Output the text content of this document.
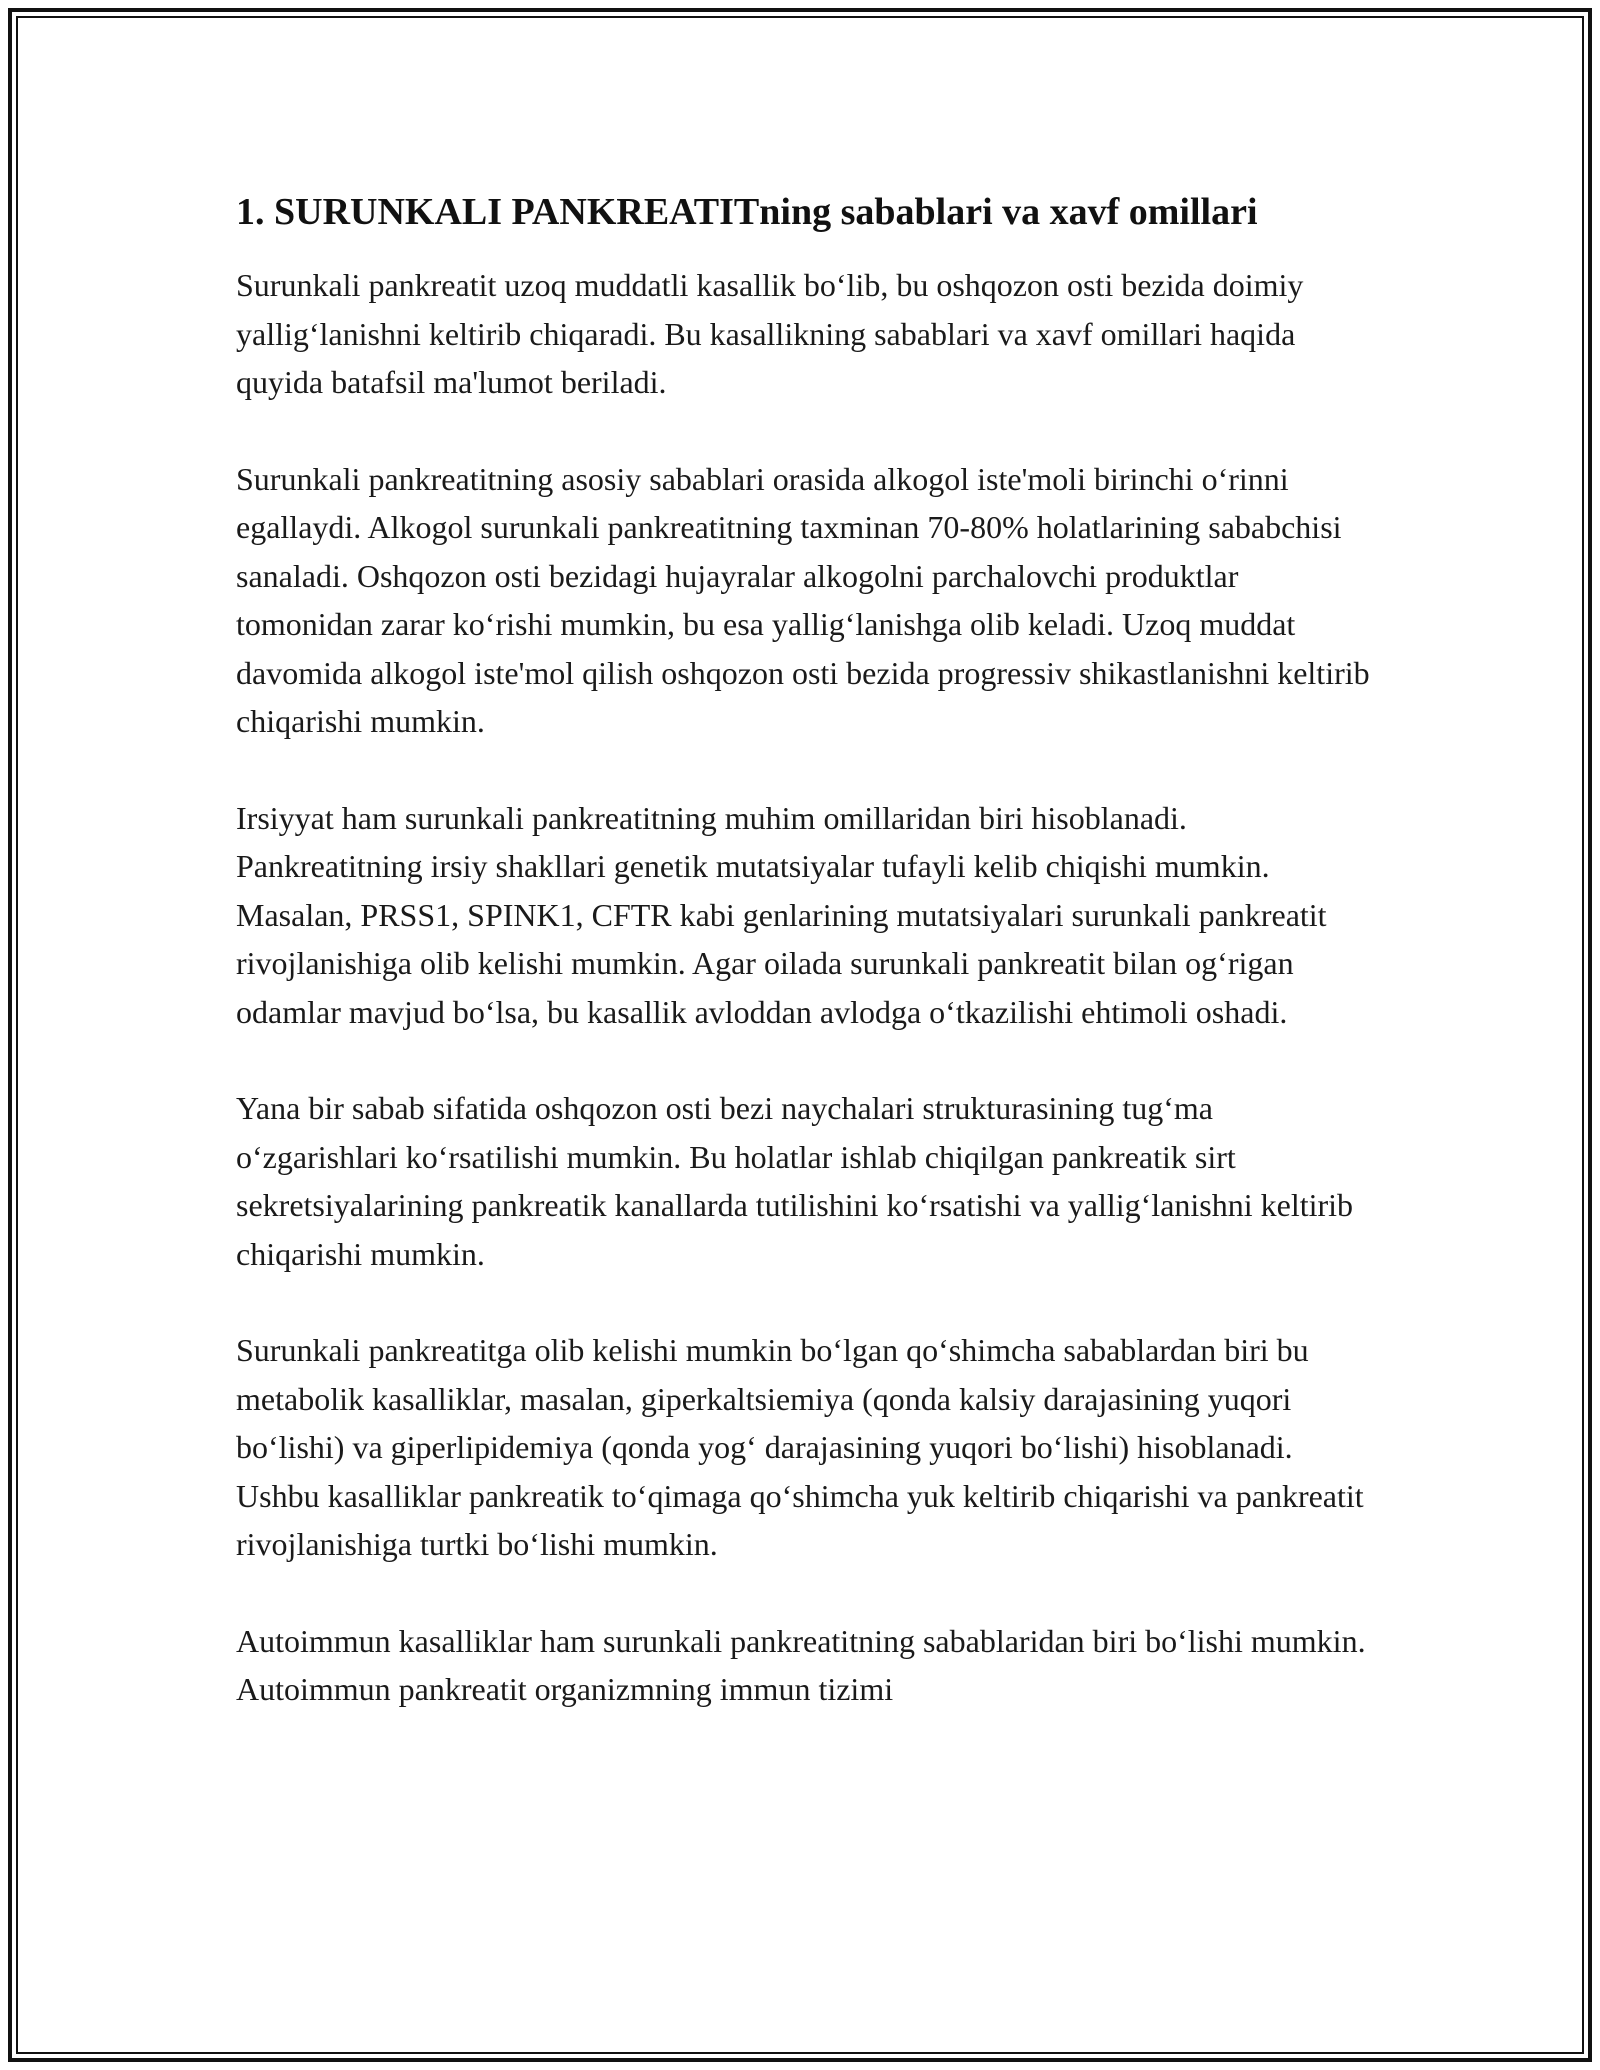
1. SURUNKALI PANKREATITning sabablari va xavf omillari

Surunkali pankreatit uzoq muddatli kasallik bo‘lib, bu oshqozon osti bezida doimiy yallig‘lanishni keltirib chiqaradi. Bu kasallikning sabablari va xavf omillari haqida quyida batafsil ma'lumot beriladi.

Surunkali pankreatitning asosiy sabablari orasida alkogol iste'moli birinchi o‘rinni egallaydi. Alkogol surunkali pankreatitning taxminan 70-80% holatlarining sababchisi sanaladi. Oshqozon osti bezidagi hujayralar alkogolni parchalovchi produktlar tomonidan zarar ko‘rishi mumkin, bu esa yallig‘lanishga olib keladi. Uzoq muddat davomida alkogol iste'mol qilish oshqozon osti bezida progressiv shikastlanishni keltirib chiqarishi mumkin.

Irsiyyat ham surunkali pankreatitning muhim omillaridan biri hisoblanadi. Pankreatitning irsiy shakllari genetik mutatsiyalar tufayli kelib chiqishi mumkin. Masalan, PRSS1, SPINK1, CFTR kabi genlarining mutatsiyalari surunkali pankreatit rivojlanishiga olib kelishi mumkin. Agar oilada surunkali pankreatit bilan og‘rigan odamlar mavjud bo‘lsa, bu kasallik avloddan avlodga o‘tkazilishi ehtimoli oshadi.

Yana bir sabab sifatida oshqozon osti bezi naychalari strukturasining tug‘ma o‘zgarishlari ko‘rsatilishi mumkin. Bu holatlar ishlab chiqilgan pankreatik sirt sekretsiyalarining pankreatik kanallarda tutilishini ko‘rsatishi va yallig‘lanishni keltirib chiqarishi mumkin.

Surunkali pankreatitga olib kelishi mumkin bo‘lgan qo‘shimcha sabablardan biri bu metabolik kasalliklar, masalan, giperkaltsiemiya (qonda kalsiy darajasining yuqori bo‘lishi) va giperlipidemiya (qonda yog‘ darajasining yuqori bo‘lishi) hisoblanadi. Ushbu kasalliklar pankreatik to‘qimaga qo‘shimcha yuk keltirib chiqarishi va pankreatit rivojlanishiga turtki bo‘lishi mumkin.

Autoimmun kasalliklar ham surunkali pankreatitning sabablaridan biri bo‘lishi mumkin. Autoimmun pankreatit organizmning immun tizimi
